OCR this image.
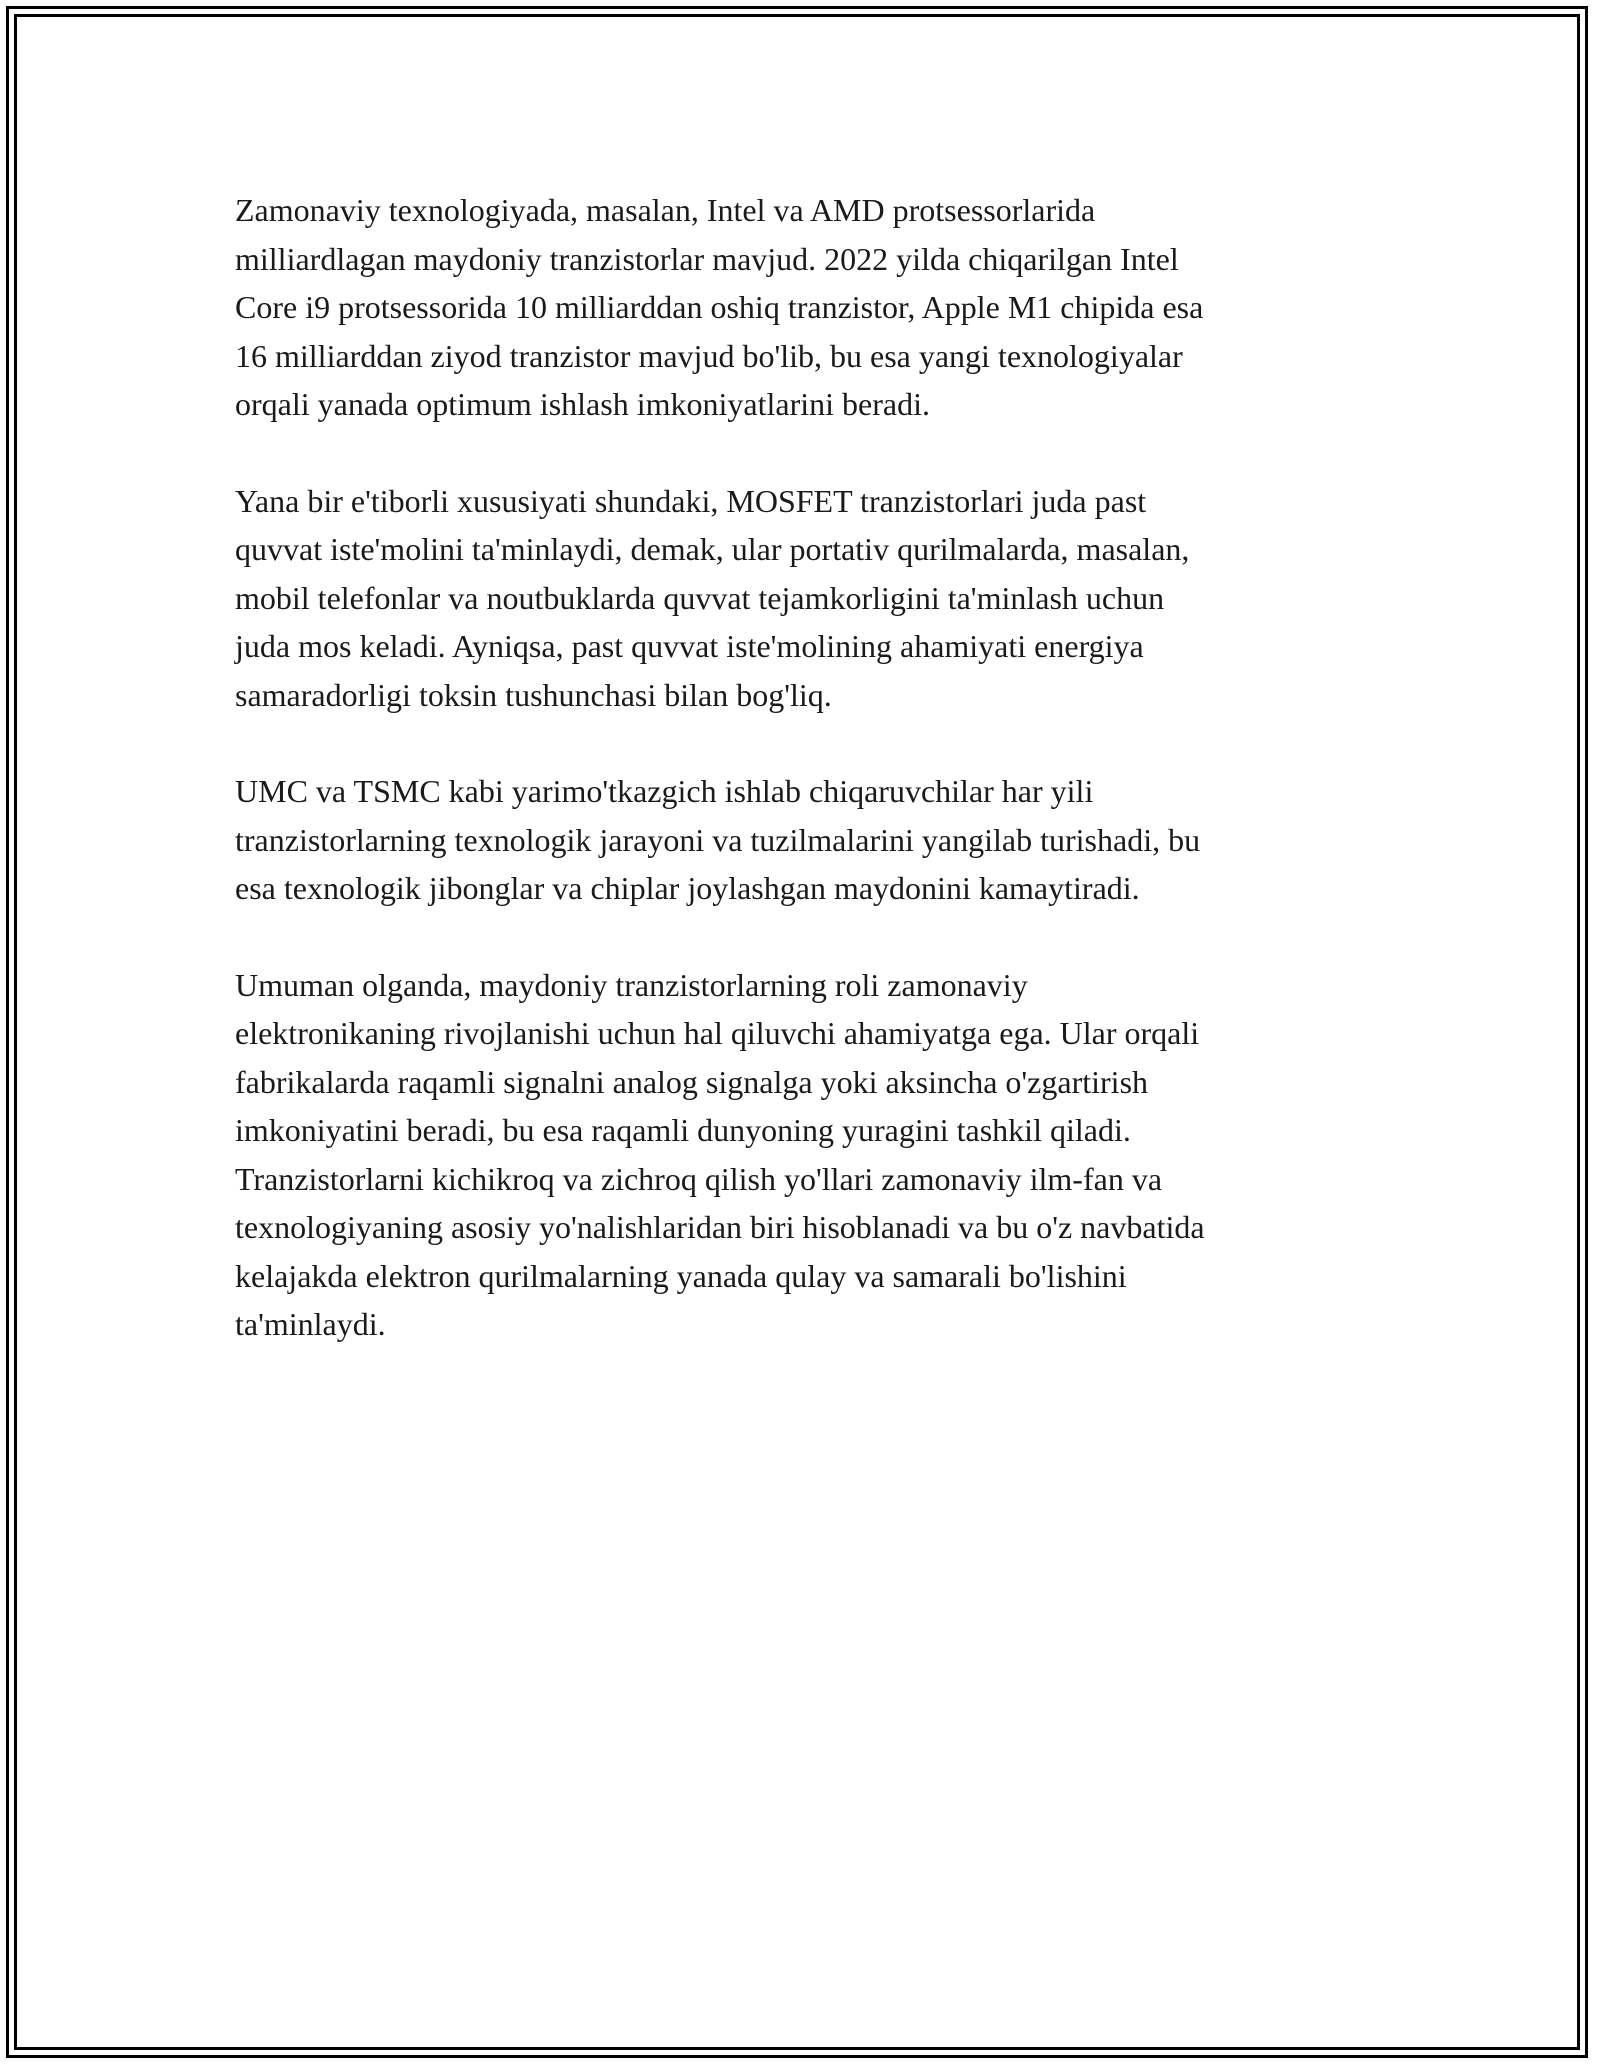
Zamonaviy texnologiyada, masalan, Intel va AMD protsessorlarida
milliardlagan maydoniy tranzistorlar mavjud. 2022 yilda chiqarilgan Intel
Core i9 protsessorida 10 milliarddan oshiq tranzistor, Apple M1 chipida esa
16 milliarddan ziyod tranzistor mavjud bo'lib, bu esa yangi texnologiyalar
orqali yanada optimum ishlash imkoniyatlarini beradi.

Yana bir e'tiborli xususiyati shundaki, MOSFET tranzistorlari juda past
quvvat iste'molini ta'minlaydi, demak, ular portativ qurilmalarda, masalan,
mobil telefonlar va noutbuklarda quvvat tejamkorligini ta'minlash uchun
juda mos keladi. Ayniqsa, past quvvat iste'molining ahamiyati energiya
samaradorligi toksin tushunchasi bilan bog'liq.

UMC va TSMC kabi yarimo'tkazgich ishlab chiqaruvchilar har yili
tranzistorlarning texnologik jarayoni va tuzilmalarini yangilab turishadi, bu
esa texnologik jibonglar va chiplar joylashgan maydonini kamaytiradi.

Umuman olganda, maydoniy tranzistorlarning roli zamonaviy
elektronikaning rivojlanishi uchun hal qiluvchi ahamiyatga ega. Ular orqali
fabrikalarda raqamli signalni analog signalga yoki aksincha o'zgartirish
imkoniyatini beradi, bu esa raqamli dunyoning yuragini tashkil qiladi.
Tranzistorlarni kichikroq va zichroq qilish yo'llari zamonaviy ilm-fan va
texnologiyaning asosiy yo'nalishlaridan biri hisoblanadi va bu o'z navbatida
kelajakda elektron qurilmalarning yanada qulay va samarali bo'lishini
ta'minlaydi.
